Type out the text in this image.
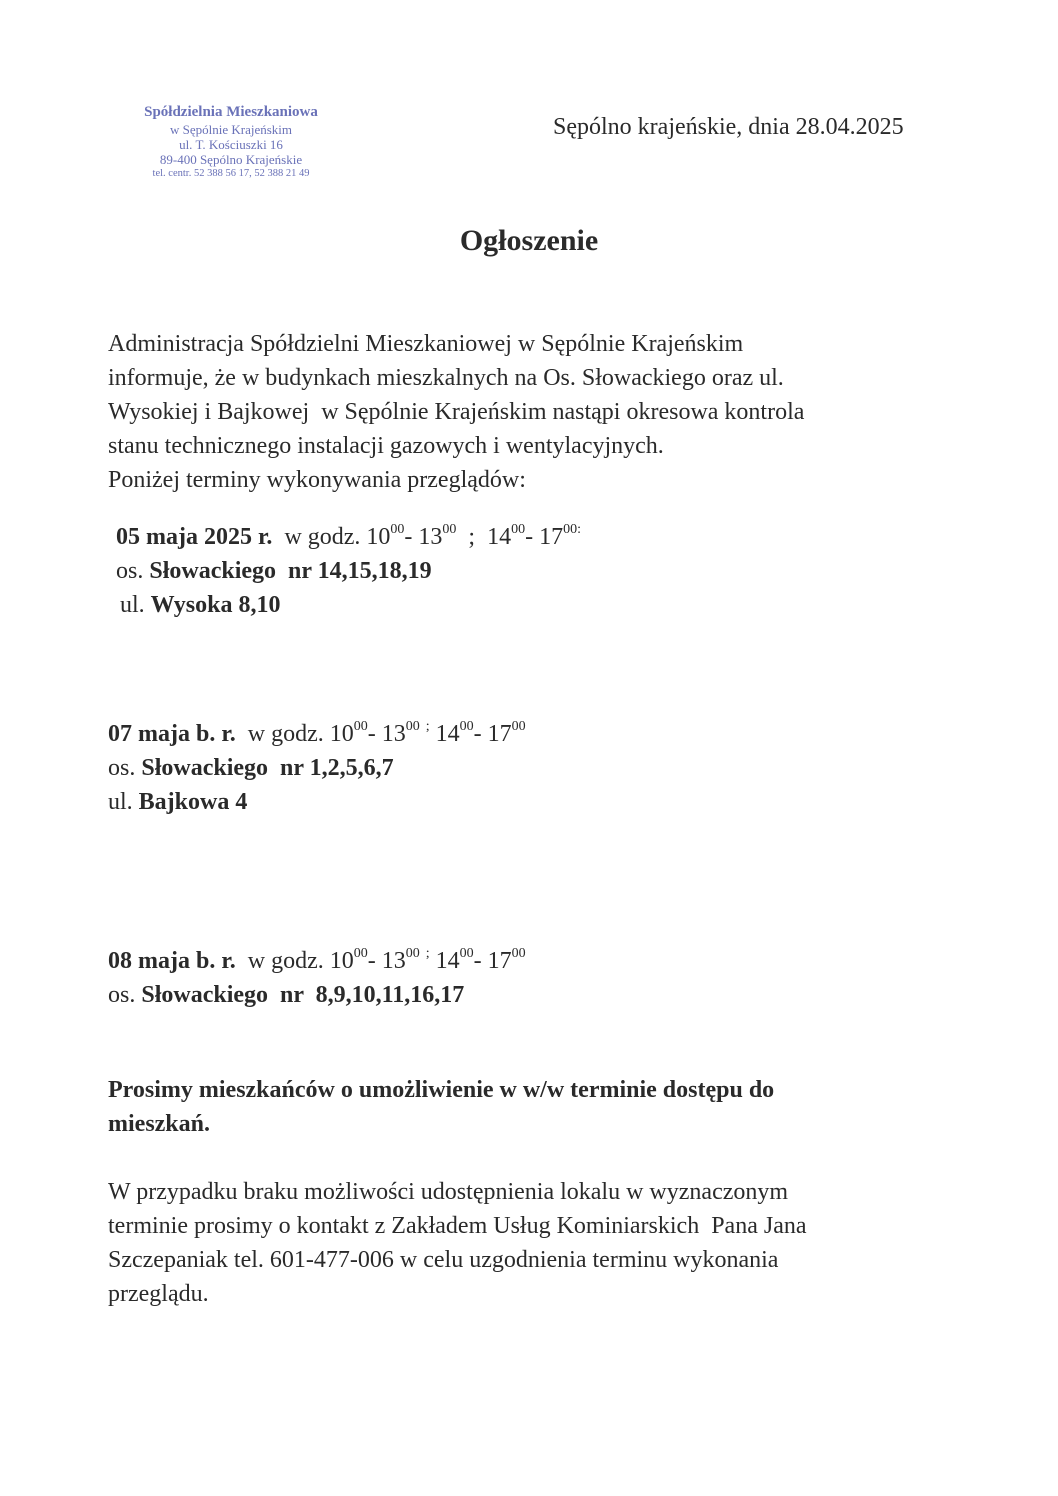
Spółdzielnia Mieszkaniowa
w Sępólnie Krajeńskim
ul. T. Kościuszki 16
89-400 Sępólno Krajeńskie
tel. centr. 52 388 56 17, 52 388 21 49
Sępólno krajeńskie, dnia 28.04.2025
Ogłoszenie

Administracja Spółdzielni Mieszkaniowej w Sępólnie Krajeńskim

informuje, że w budynkach mieszkalnych na Os. Słowackiego oraz ul.

Wysokiej i Bajkowej  w Sępólnie Krajeńskim nastąpi okresowa kontrola

stanu technicznego instalacji gazowych i wentylacyjnych.

Poniżej terminy wykonywania przeglądów:

05 maja 2025 r. w godz. $10^{00}-$ $13^{00}$ ; $14^{00}-$ $17^{00:}$

os. Słowackiego  nr 14,15,18,19

ul. Wysoka 8,10

07 maja b. r. w godz. $10^{00}-$ $13^{00}$ ; $14^{00}-$ $17^{00}$

os. Słowackiego  nr 1,2,5,6,7

ul. Bajkowa 4

08 maja b. r. w godz. $10^{00}-$ $13^{00}$ ; $14^{00}-$ $17^{00}$

os. Słowackiego  nr  8,9,10,11,16,17

Prosimy mieszkańców o umożliwienie w w/w terminie dostępu do

mieszkań.

W przypadku braku możliwości udostępnienia lokalu w wyznaczonym

terminie prosimy o kontakt z Zakładem Usług Kominiarskich  Pana Jana

Szczepaniak tel. 601-477-006 w celu uzgodnienia terminu wykonania

przeglądu.
